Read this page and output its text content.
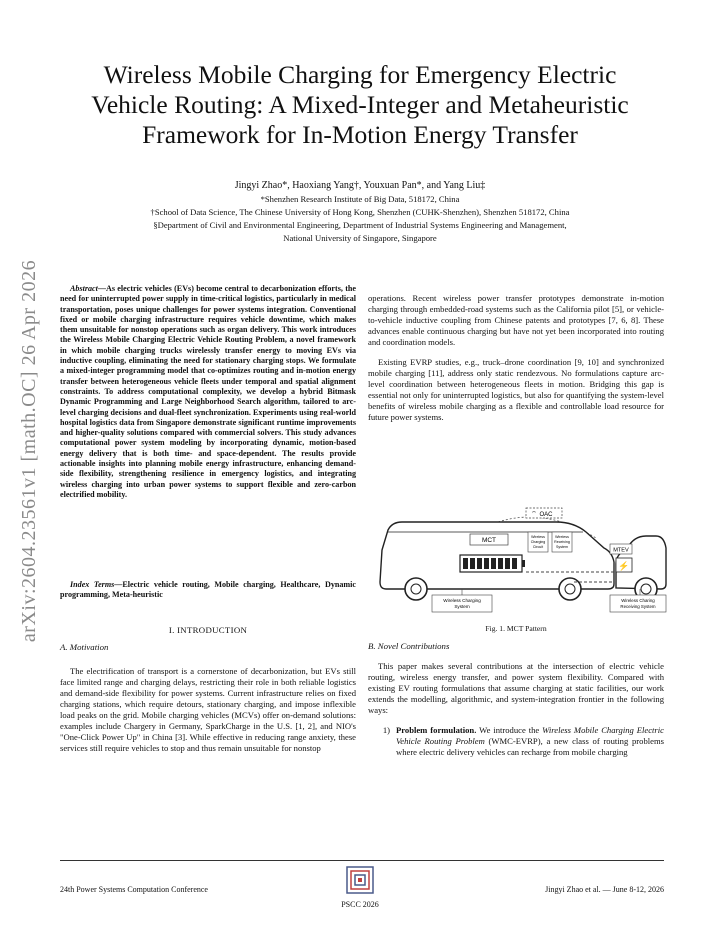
arXiv:2604.23561v1 [math.OC] 26 Apr 2026
Wireless Mobile Charging for Emergency Electric
Vehicle Routing: A Mixed-Integer and Metaheuristic
Framework for In-Motion Energy Transfer
Jingyi Zhao*, Haoxiang Yang†, Youxuan Pan*, and Yang Liu‡
*Shenzhen Research Institute of Big Data, 518172, China
†School of Data Science, The Chinese University of Hong Kong, Shenzhen (CUHK-Shenzhen), Shenzhen 518172, China
§Department of Civil and Environmental Engineering, Department of Industrial Systems Engineering and Management,
National University of Singapore, Singapore
Abstract—As electric vehicles (EVs) become central to decarbonization efforts, the need for uninterrupted power supply in time-critical logistics, particularly in medical transportation, poses unique challenges for power systems integration. Conventional fixed or mobile charging infrastructure requires vehicle downtime, which makes them unsuitable for nonstop operations such as organ delivery. This work introduces the Wireless Mobile Charging Electric Vehicle Routing Problem, a novel framework in which mobile charging trucks wirelessly transfer energy to moving EVs via inductive coupling, eliminating the need for stationary charging stops. We formulate a mixed-integer programming model that co-optimizes routing and in-motion energy transfer between heterogeneous vehicle fleets under temporal and spatial alignment constraints. To address computational complexity, we develop a hybrid Bitmask Dynamic Programming and Large Neighborhood Search algorithm, tailored to arc-level charging decisions and dual-fleet synchronization. Experiments using real-world hospital logistics data from Singapore demonstrate significant runtime improvements and higher-quality solutions compared with commercial solvers. This study advances computational power system modeling by incorporating dynamic, motion-based energy delivery that is both time- and space-dependent. The results provide actionable insights into planning mobile energy infrastructure, enhancing demand-side flexibility, strengthening resilience in emergency logistics, and integrating wireless charging into urban power systems to support flexible and zero-carbon electrified mobility.
Index Terms—Electric vehicle routing, Mobile charging, Healthcare, Dynamic programming, Meta-heuristic
I. INTRODUCTION
A. Motivation

The electrification of transport is a cornerstone of decarbonization, but EVs still face limited range and charging delays, restricting their role in both reliable logistics and demand-side flexibility for power systems. Current infrastructure relies on fixed charging stations, which require detours, stationary charging, and impose inflexible load peaks on the grid. Mobile charging vehicles (MCVs) offer on-demand solutions: examples include Chargery in Germany, SparkCharge in the U.S. [1, 2], and NIO's "One-Click Power Up" in China [3]. While effective in reducing range anxiety, these services still require vehicles to stop and thus remain unsuitable for nonstop

operations. Recent wireless power transfer prototypes demonstrate in-motion charging through embedded-road systems such as the California pilot [5], or vehicle-to-vehicle inductive coupling from Chinese patents and prototypes [7, 6, 8]. These advances enable continuous charging but have not yet been incorporated into routing and coordination models.

Existing EVRP studies, e.g., truck–drone coordination [9, 10] and synchronized mobile charging [11], address only static rendezvous. No formulations capture arc-level coordination between heterogeneous fleets in motion. Bridging this gap is essential not only for uninterrupted logistics, but also for quantifying the system-level benefits of wireless mobile charging as a flexible and controllable load resource for future power systems.

OAC
⌔
MCT	Wireless
Charging
Circuit
Wireless
Receiving
System
MTEV
⚡
Wireless Charging
System
Wireless Charing
Receiving System
Fig. 1. MCT Pattern
B. Novel Contributions

This paper makes several contributions at the intersection of electric vehicle routing, wireless energy transfer, and power system flexibility. Compared with existing EV routing formulations that assume charging at static facilities, our work extends the modelling, algorithmic, and system-integration frontier in the following ways:

1) Problem formulation. We introduce the Wireless Mobile Charging Electric Vehicle Routing Problem (WMC-EVRP), a new class of routing problems where electric delivery vehicles can recharge from mobile charging
24th Power Systems Computation Conference	Jingyi Zhao et al. — June 8-12, 2026
PSCC 2026
